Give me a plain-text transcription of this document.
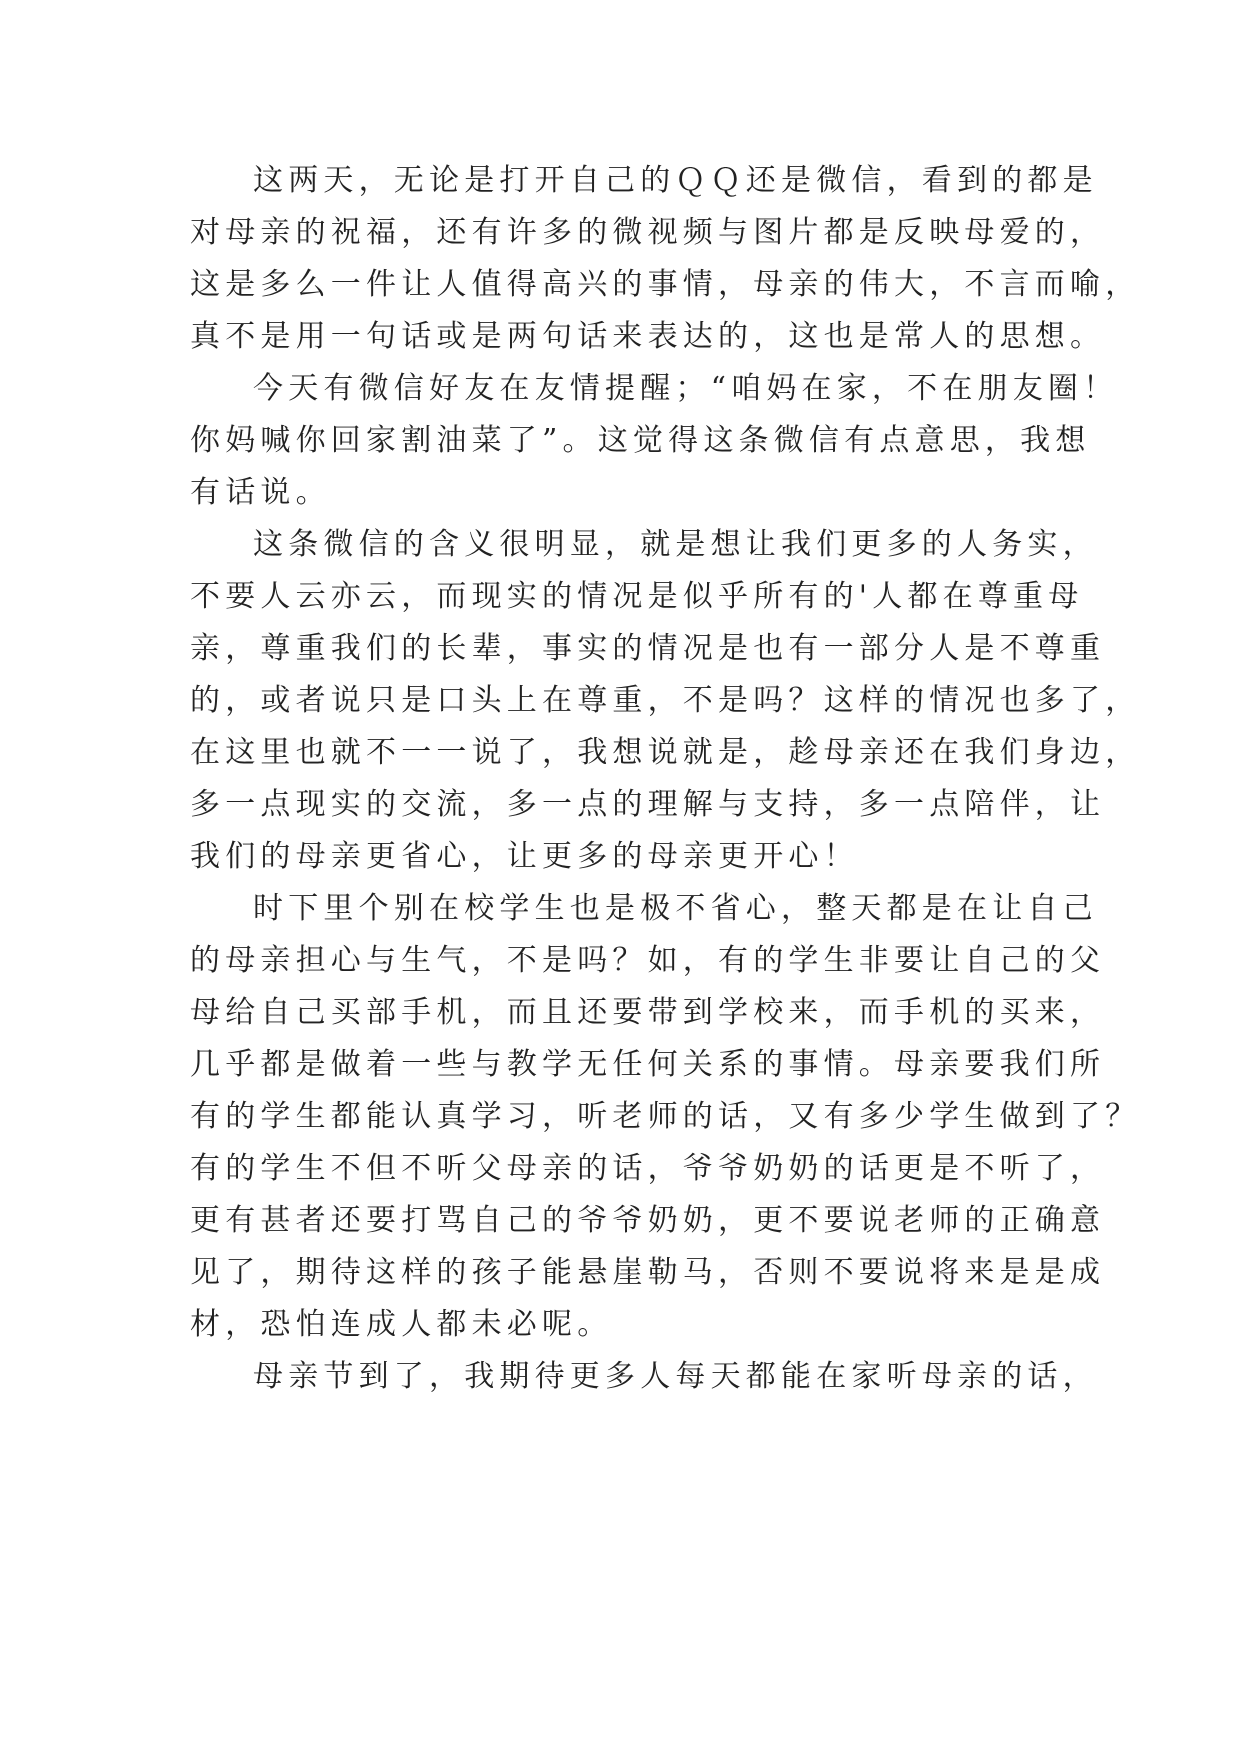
这两天，无论是打开自己的ＱＱ还是微信，看到的都是
对母亲的祝福，还有许多的微视频与图片都是反映母爱的，
这是多么一件让人值得高兴的事情，母亲的伟大，不言而喻，
真不是用一句话或是两句话来表达的，这也是常人的思想。
今天有微信好友在友情提醒；“咱妈在家，不在朋友圈！
你妈喊你回家割油菜了”。这觉得这条微信有点意思，我想
有话说。
这条微信的含义很明显，就是想让我们更多的人务实，
不要人云亦云，而现实的情况是似乎所有的'人都在尊重母
亲，尊重我们的长辈，事实的情况是也有一部分人是不尊重
的，或者说只是口头上在尊重，不是吗？这样的情况也多了，
在这里也就不一一说了，我想说就是，趁母亲还在我们身边，
多一点现实的交流，多一点的理解与支持，多一点陪伴，让
我们的母亲更省心，让更多的母亲更开心！
时下里个别在校学生也是极不省心，整天都是在让自己
的母亲担心与生气，不是吗？如，有的学生非要让自己的父
母给自己买部手机，而且还要带到学校来，而手机的买来，
几乎都是做着一些与教学无任何关系的事情。母亲要我们所
有的学生都能认真学习，听老师的话，又有多少学生做到了？
有的学生不但不听父母亲的话，爷爷奶奶的话更是不听了，
更有甚者还要打骂自己的爷爷奶奶，更不要说老师的正确意
见了，期待这样的孩子能悬崖勒马，否则不要说将来是是成
材，恐怕连成人都未必呢。
母亲节到了，我期待更多人每天都能在家听母亲的话，
